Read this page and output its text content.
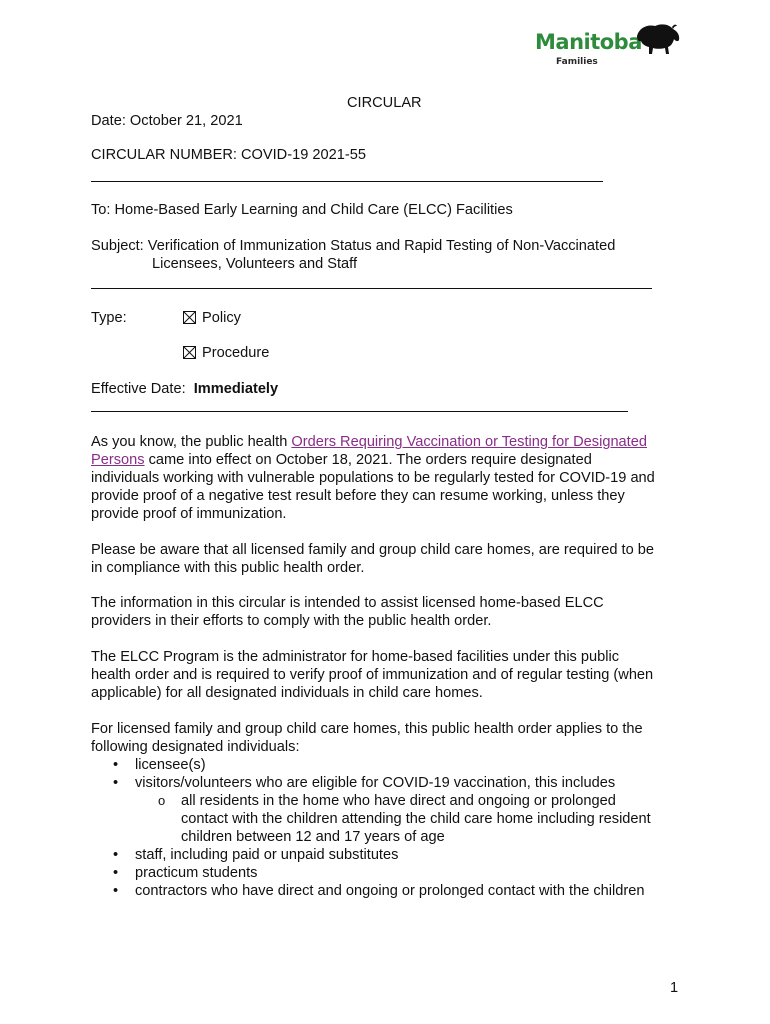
Manitoba
Families
CIRCULAR
Date: October 21, 2021
CIRCULAR NUMBER: COVID-19 2021-55
To: Home-Based Early Learning and Child Care (ELCC) Facilities
Subject: Verification of Immunization Status and Rapid Testing of Non-Vaccinated
Licensees, Volunteers and Staff
Type:	Policy
Procedure
Effective Date: Immediately
As you know, the public health Orders Requiring Vaccination or Testing for Designated
Persons came into effect on October 18, 2021. The orders require designated
individuals working with vulnerable populations to be regularly tested for COVID-19 and
provide proof of a negative test result before they can resume working, unless they
provide proof of immunization.
Please be aware that all licensed family and group child care homes, are required to be
in compliance with this public health order.
The information in this circular is intended to assist licensed home-based ELCC
providers in their efforts to comply with the public health order.
The ELCC Program is the administrator for home-based facilities under this public
health order and is required to verify proof of immunization and of regular testing (when
applicable) for all designated individuals in child care homes.
For licensed family and group child care homes, this public health order applies to the
following designated individuals:
• licensee(s)
• visitors/volunteers who are eligible for COVID-19 vaccination, this includes
o all residents in the home who have direct and ongoing or prolonged
contact with the children attending the child care home including resident
children between 12 and 17 years of age
• staff, including paid or unpaid substitutes
• practicum students
• contractors who have direct and ongoing or prolonged contact with the children
1
